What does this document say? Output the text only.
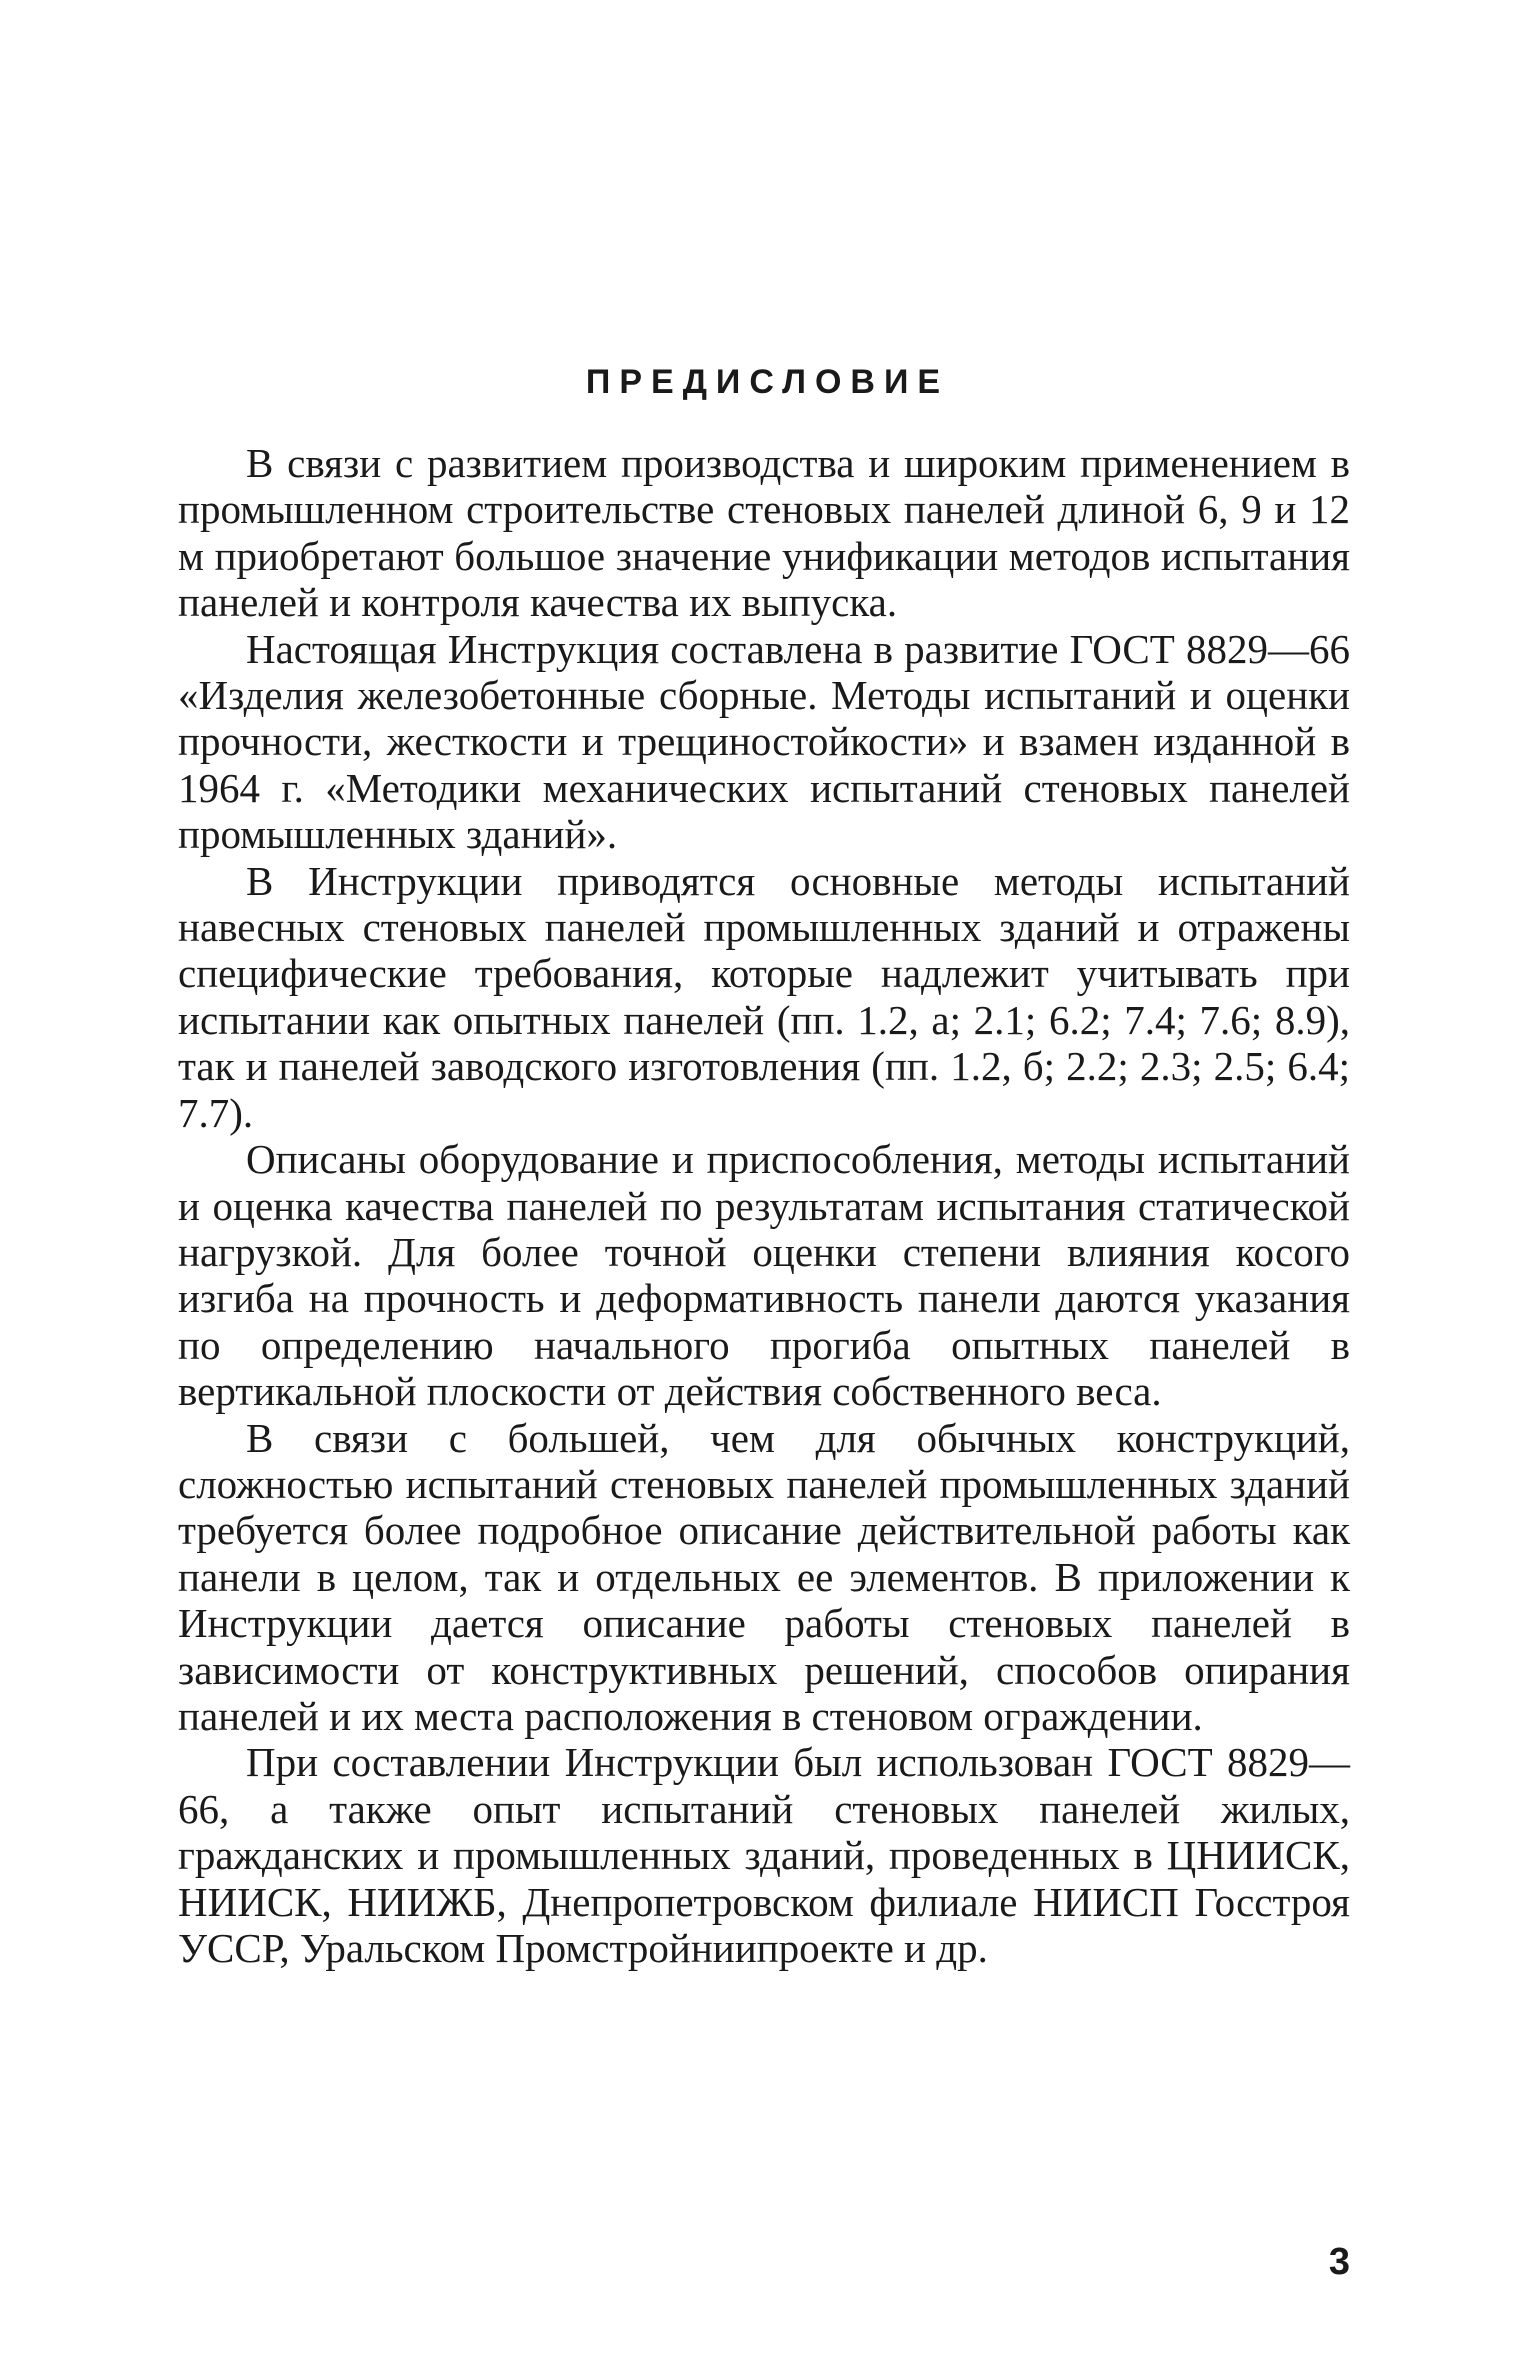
ПРЕДИСЛОВИЕ

В связи с развитием производства и широким применением в промышленном строительстве стеновых панелей длиной 6, 9 и 12 м приобретают большое значение унификации методов испытания панелей и контроля качества их выпуска.

Настоящая Инструкция составлена в развитие ГОСТ 8829—66 «Изделия железобетонные сборные. Методы испытаний и оценки прочности, жесткости и трещиностойкости» и взамен изданной в 1964 г. «Методики механических испытаний стеновых панелей промышленных зданий».

В Инструкции приводятся основные методы испытаний навесных стеновых панелей промышленных зданий и отражены специфические требования, которые надлежит учитывать при испытании как опытных панелей (пп. 1.2, а; 2.1; 6.2; 7.4; 7.6; 8.9), так и панелей заводского изготовления (пп. 1.2, б; 2.2; 2.3; 2.5; 6.4; 7.7).

Описаны оборудование и приспособления, методы испытаний и оценка качества панелей по результатам испытания статической нагрузкой. Для более точной оценки степени влияния косого изгиба на прочность и деформативность панели даются указания по определению начального прогиба опытных панелей в вертикальной плоскости от действия собственного веса.

В связи с большей, чем для обычных конструкций, сложностью испытаний стеновых панелей промышленных зданий требуется более подробное описание действительной работы как панели в целом, так и отдельных ее элементов. В приложении к Инструкции дается описание работы стеновых панелей в зависимости от конструктивных решений, способов опирания панелей и их места расположения в стеновом ограждении.

При составлении Инструкции был использован ГОСТ 8829—66, а также опыт испытаний стеновых панелей жилых, гражданских и промышленных зданий, проведенных в ЦНИИСК, НИИСК, НИИЖБ, Днепропетровском филиале НИИСП Госстроя УССР, Уральском Промстройниипроекте и др.

3
